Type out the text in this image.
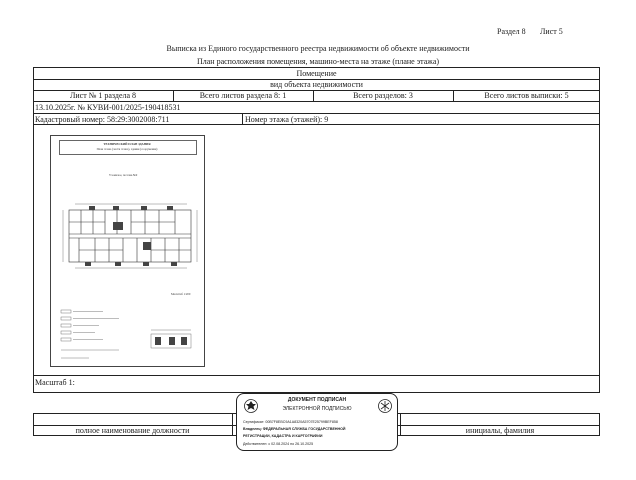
Раздел 8 Лист 5
Выписка из Единого государственного реестра недвижимости об объекте недвижимости
План расположения помещения, машино-места на этаже (плане этажа)
Помещение
вид объекта недвижимости
Лист № 1 раздела 8	Всего листов раздела 8: 1	Всего разделов: 3	Всего листов выписки: 5
13.10.2025г. № КУВИ-001/2025-190418531
Кадастровый номер: 58:29:3002008:711	Номер этажа (этажей): 9
ТЕХНИЧЕСКИЙ ПЛАН ЗДАНИЯ
План этажа (части этажа), здания (сооружения)
Уч.жилое, поэтаж.№9
Масштаб 1:200
Масштаб 1:
полное наименование должности	инициалы, фамилия
ДОКУМЕНТ ПОДПИСАН
ЭЛЕКТРОННОЙ ПОДПИСЬЮ
Сертификат: 00B7F8EBC9A1A8320A5707E25799BEF858
Владелец: ФЕДЕРАЛЬНАЯ СЛУЖБА ГОСУДАРСТВЕННОЙ
РЕГИСТРАЦИИ, КАДАСТРА И КАРТОГРАФИИ
Действителен: с 02.08.2024 по 26.10.2025
